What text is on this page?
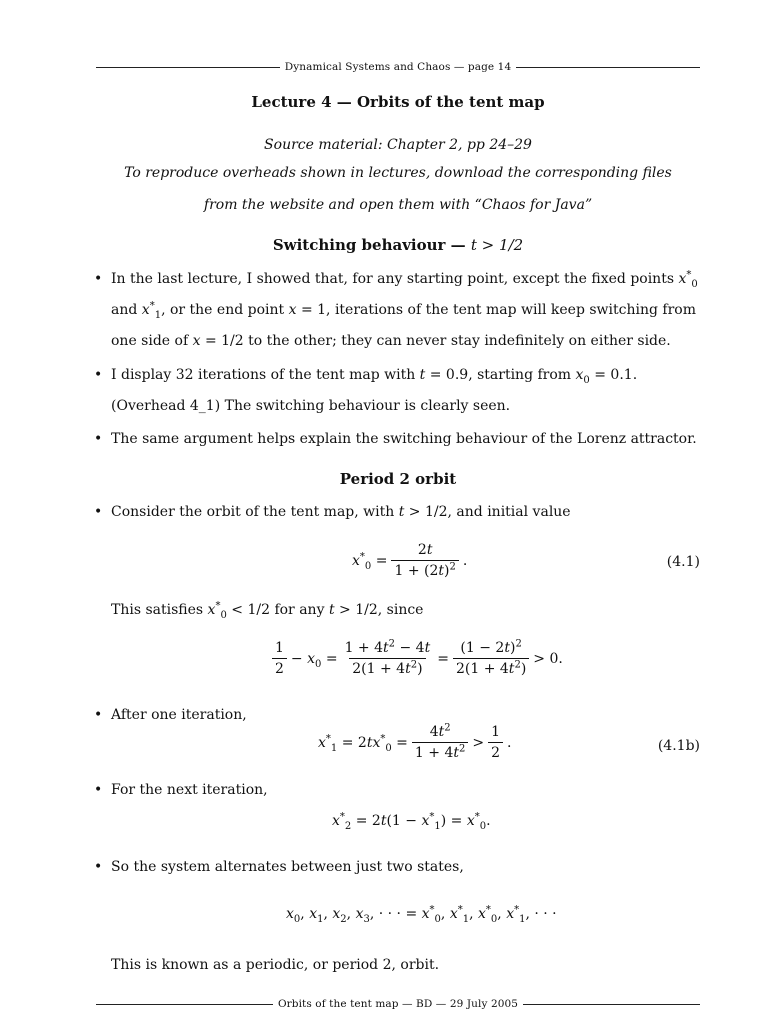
Dynamical Systems and Chaos — page 14
Lecture 4 — Orbits of the tent map
Source material: Chapter 2, pp 24–29
To reproduce overheads shown in lectures, download the corresponding files
from the website and open them with “Chaos for Java”
Switching behaviour — t > 1/2
• In the last lecture, I showed that, for any starting point, except the fixed points $x^*_0$ and $x^*_1$, or the end point x = 1, iterations of the tent map will keep switching from one side of x = 1/2 to the other; they can never stay indefinitely on either side.
• I display 32 iterations of the tent map with t = 0.9, starting from $x_0 = 0.1$. (Overhead 4_1) The switching behaviour is clearly seen.
• The same argument helps explain the switching behaviour of the Lorenz attractor.
Period 2 orbit
• Consider the orbit of the tent map, with t > 1/2, and initial value
$x^*_0 = \frac{2t}{1 + (2t)^2}$ .	(4.1)
This satisfies $x^*_0 < 1/2$ for any t > 1/2, since
$\frac{1}{2} - x_0 = \frac{1 + 4t^2 - 4t}{2(1 + 4t^2)} = \frac{(1 - 2t)^2}{2(1 + 4t^2)} > 0$.
• After one iteration,
$x^*_1 = 2tx^*_0 = \frac{4t^2}{1 + 4t^2} > \frac{1}{2}$ .	(4.1b)
• For the next iteration,
$x^*_2 = 2t(1 - x^*_1) = x^*_0$.
• So the system alternates between just two states,
$x_0$, $x_1$, $x_2$, $x_3$, · · · = $x^*_0$, $x^*_1$, $x^*_0$, $x^*_1$, · · ·
This is known as a periodic, or period 2, orbit.
Orbits of the tent map — BD — 29 July 2005
